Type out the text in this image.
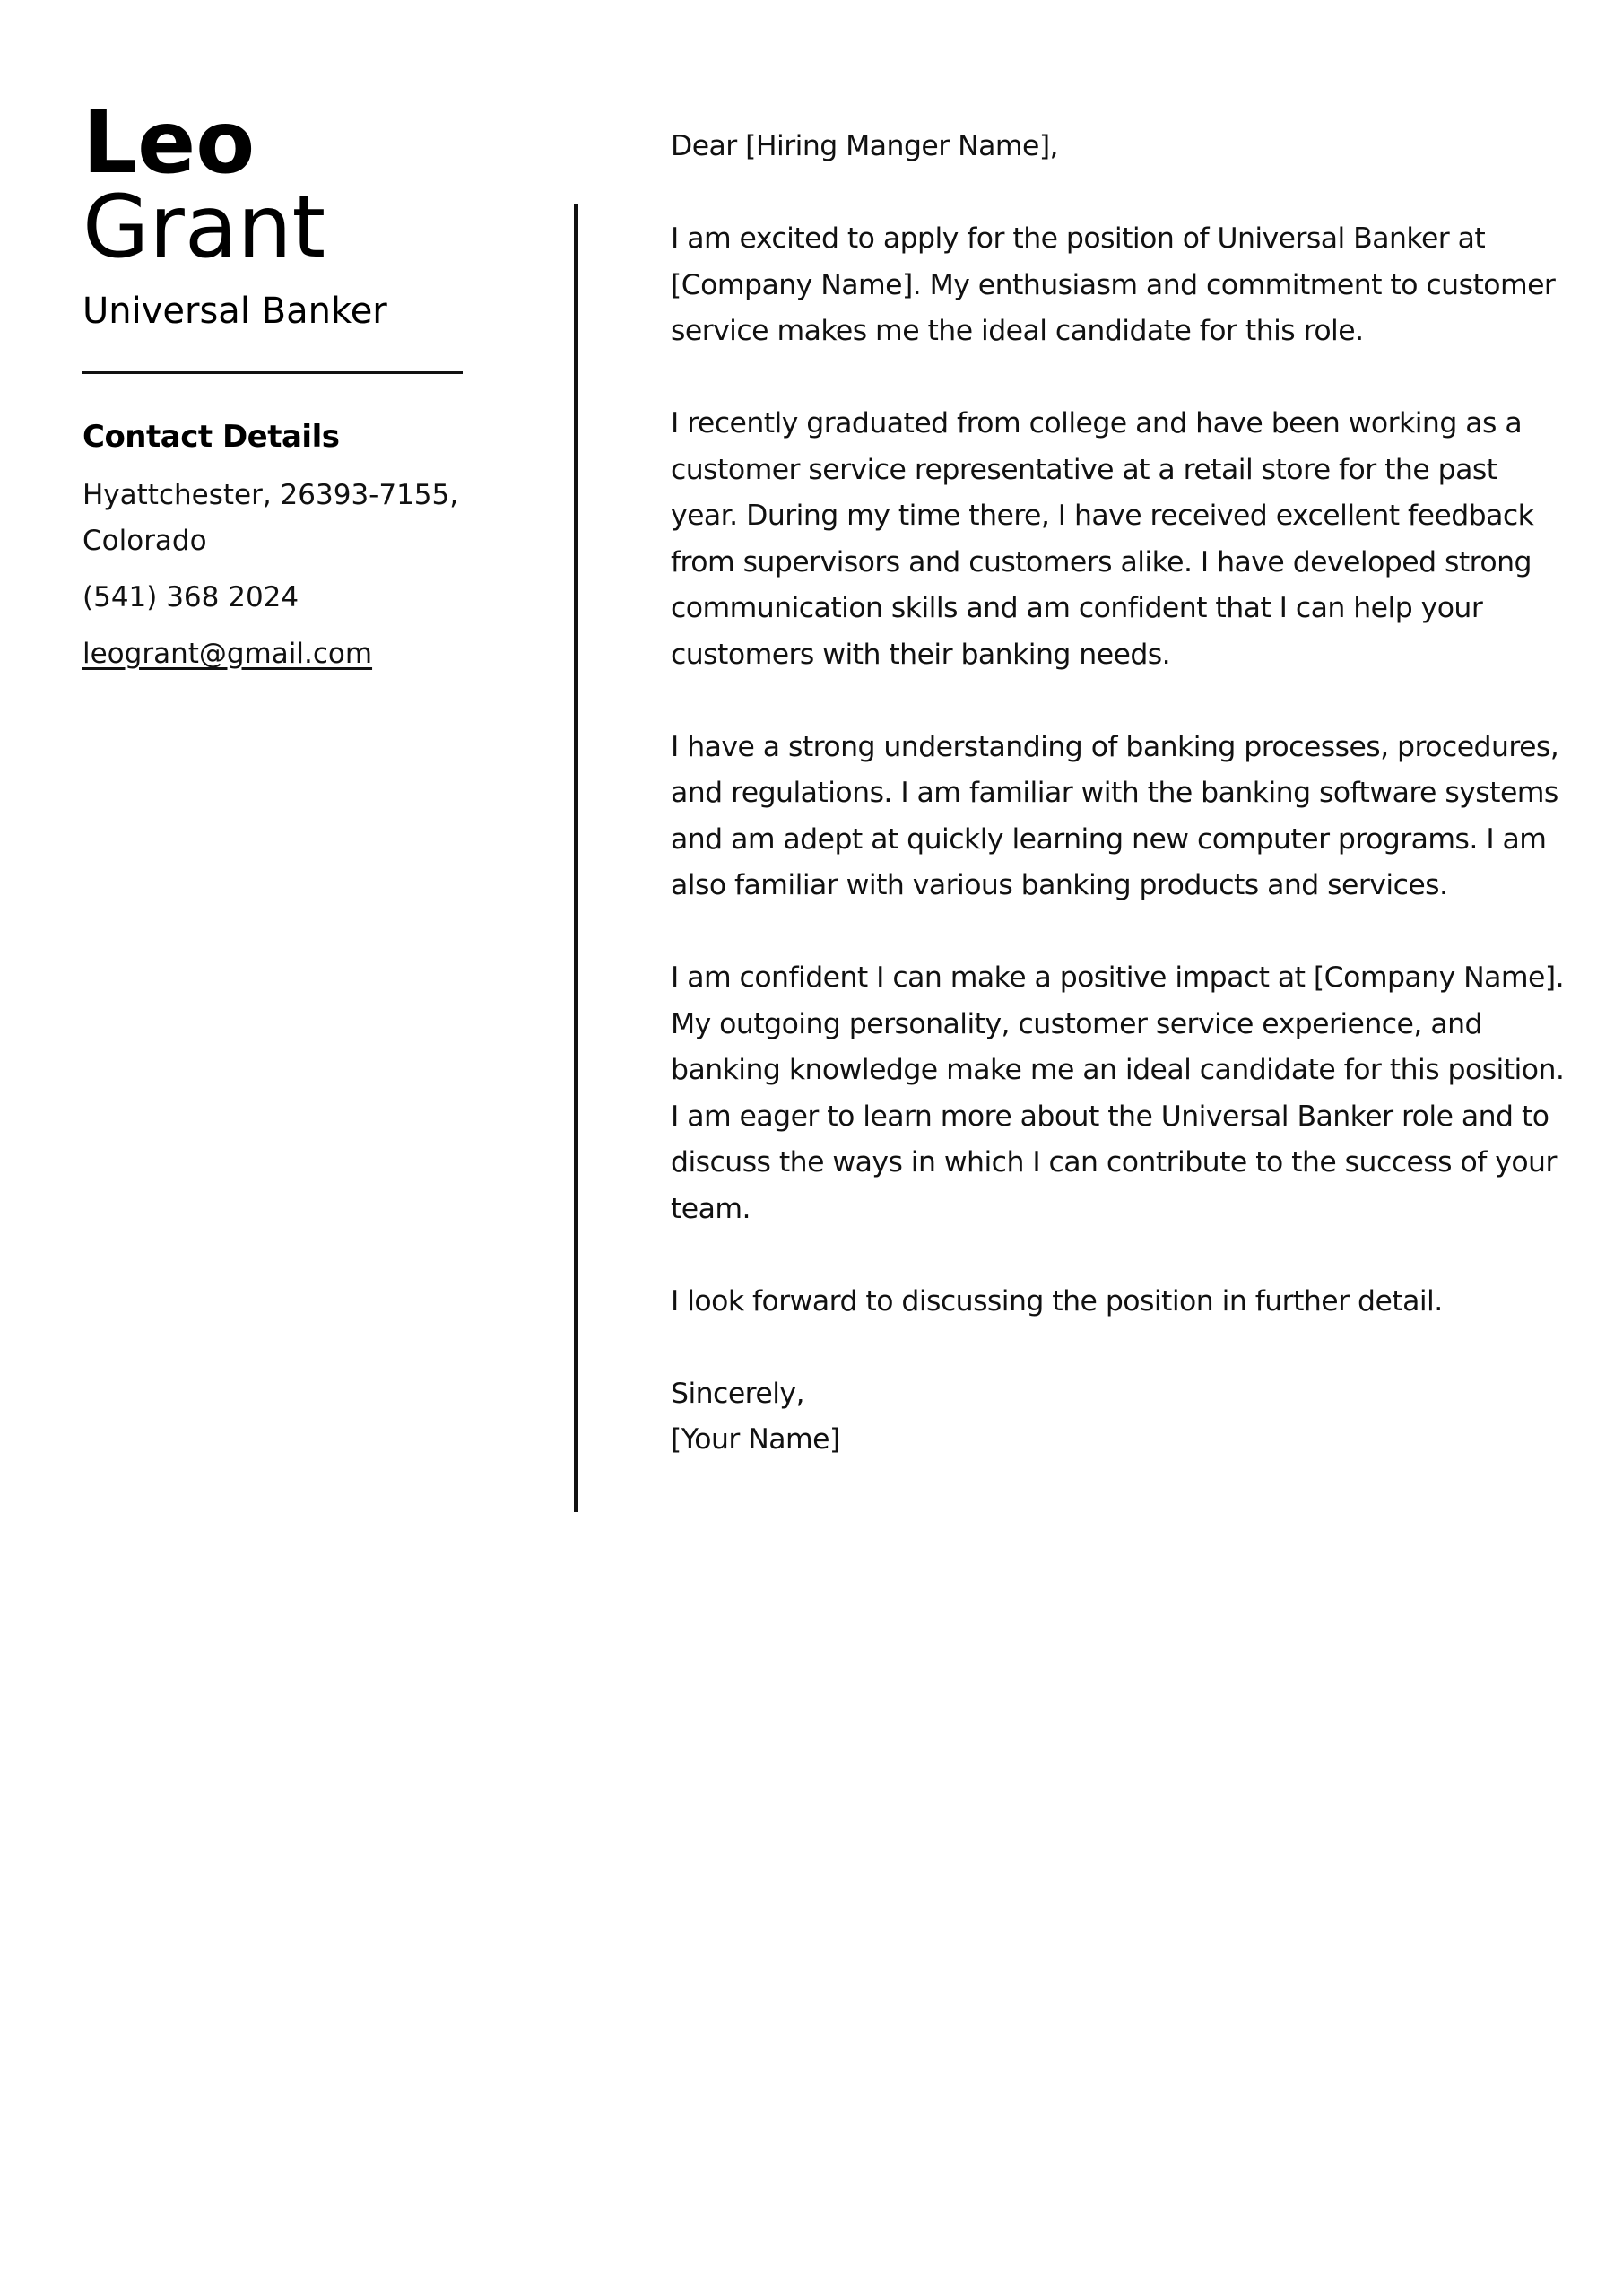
Leo
Grant
Universal Banker
Contact Details
Hyattchester, 26393-7155, Colorado
(541) 368 2024
leogrant@gmail.com

Dear [Hiring Manger Name],

I am excited to apply for the position of Universal Banker at [Company Name]. My enthusiasm and commitment to customer service makes me the ideal candidate for this role.

I recently graduated from college and have been working as a customer service representative at a retail store for the past year. During my time there, I have received excellent feedback from supervisors and customers alike. I have developed strong communication skills and am confident that I can help your customers with their banking needs.

I have a strong understanding of banking processes, procedures, and regulations. I am familiar with the banking software systems and am adept at quickly learning new computer programs. I am also familiar with various banking products and services.

I am confident I can make a positive impact at [Company Name]. My outgoing personality, customer service experience, and banking knowledge make me an ideal candidate for this position. I am eager to learn more about the Universal Banker role and to discuss the ways in which I can contribute to the success of your team.

I look forward to discussing the position in further detail.

Sincerely,

[Your Name]
